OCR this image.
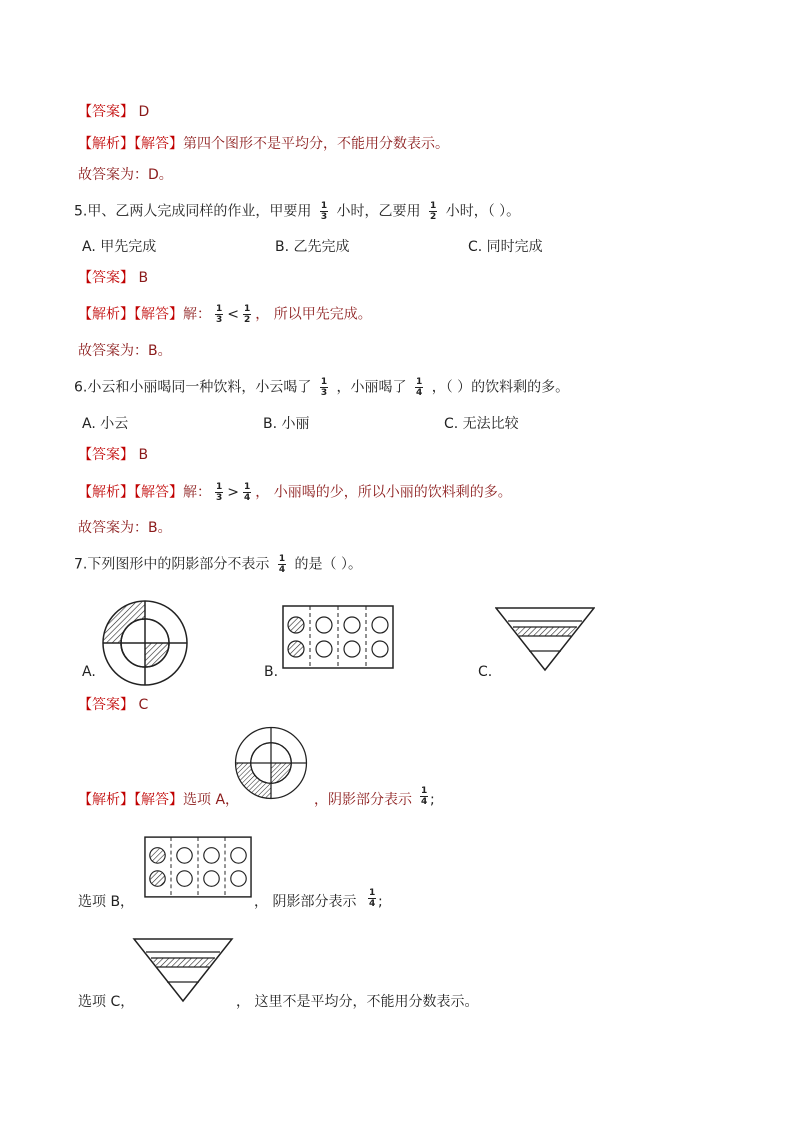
【答案】 D
【解析】【解答】第四个图形不是平均分，不能用分数表示。
故答案为：D。
5.甲、乙两人完成同样的作业，甲要用 $\frac{1}{3}$ 小时，乙要用 $\frac{1}{2}$ 小时，（ ）。
A. 甲先完成	B. 乙先完成	C. 同时完成
【答案】 B
【解析】【解答】解： $\frac{1}{3} < \frac{1}{2}$ ， 所以甲先完成。
故答案为：B。
6.小云和小丽喝同一种饮料，小云喝了 $\frac{1}{3}$ ，小丽喝了 $\frac{1}{4}$ ，（ ）的饮料剩的多。
A. 小云	B. 小丽	C. 无法比较
【答案】 B
【解析】【解答】解： $\frac{1}{3} > \frac{1}{4}$ ， 小丽喝的少，所以小丽的饮料剩的多。
故答案为：B。
7.下列图形中的阴影部分不表示 $\frac{1}{4}$ 的是（ ）。
A.	B.	C.
【答案】 C
【解析】【解答】选项 A，	，阴影部分表示 $\frac{1}{4}$ ;
选项 B，	， 阴影部分表示 $\frac{1}{4}$ ;
选项 C，	， 这里不是平均分，不能用分数表示。
